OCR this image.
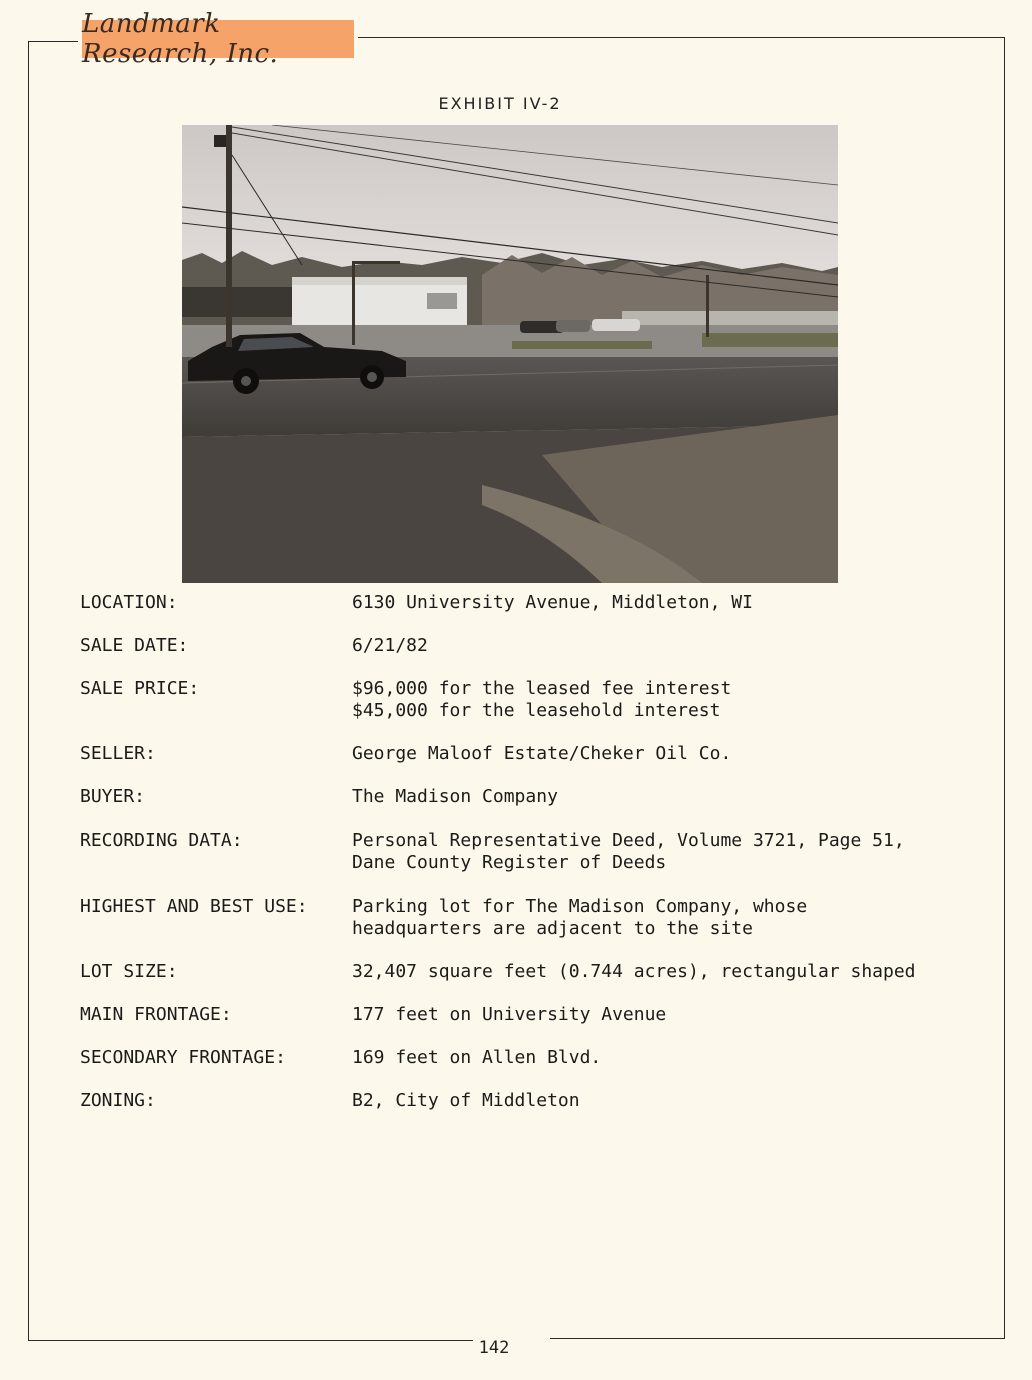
Landmark Research, Inc.
EXHIBIT IV-2
LOCATION:	6130 University Avenue, Middleton, WI
SALE DATE:	6/21/82
SALE PRICE:	$96,000 for the leased fee interest
$45,000 for the leasehold interest
SELLER:	George Maloof Estate/Cheker Oil Co.
BUYER:	The Madison Company
RECORDING DATA:	Personal Representative Deed, Volume 3721, Page 51,
Dane County Register of Deeds
HIGHEST AND BEST USE: Parking lot for The Madison Company, whose
headquarters are adjacent to the site
LOT SIZE:	32,407 square feet (0.744 acres), rectangular shaped
MAIN FRONTAGE:	177 feet on University Avenue
SECONDARY FRONTAGE:	169 feet on Allen Blvd.
ZONING:	B2, City of Middleton
142
